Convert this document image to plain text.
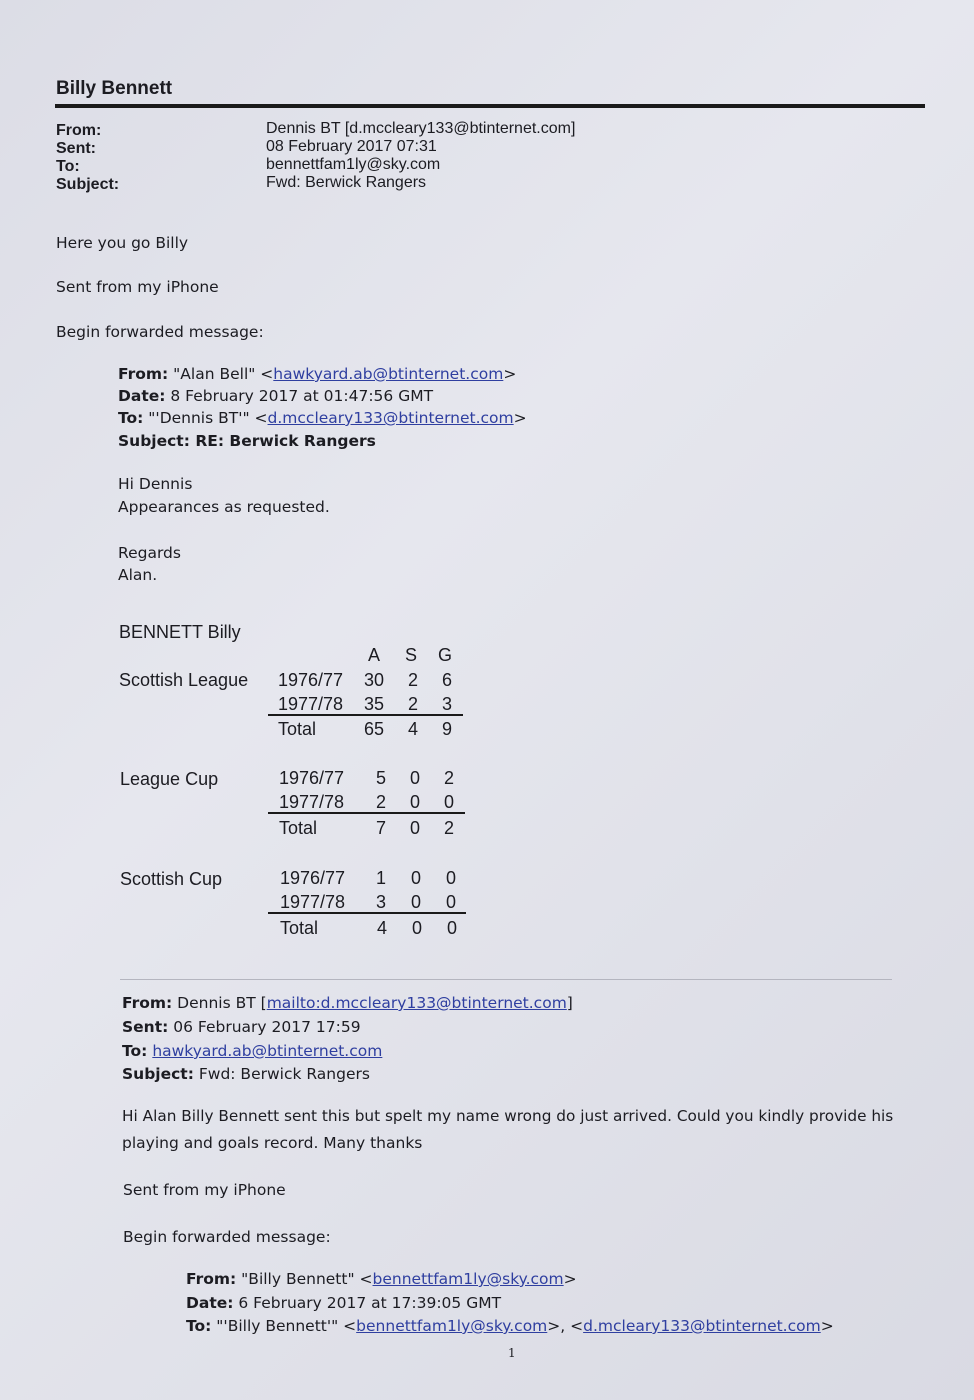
Billy Bennett
From:	Dennis BT [d.mccleary133@btinternet.com]
Sent:	08 February 2017 07:31
To:	bennettfam1ly@sky.com
Subject:	Fwd: Berwick Rangers
Here you go Billy
Sent from my iPhone
Begin forwarded message:
From: "Alan Bell" <hawkyard.ab@btinternet.com>
Date: 8 February 2017 at 01:47:56 GMT
To: "'Dennis BT'" <d.mccleary133@btinternet.com>
Subject: RE: Berwick Rangers
Hi Dennis
Appearances as requested.
Regards
Alan.
BENNETT Billy
A	S	G
Scottish League 1976/77 30	2	6
1977/78 35	2	3
Total	65	4	9
League Cup	1976/77	5	0	2
1977/78	2	0	0
Total	7	0	2
Scottish Cup	1976/77	1	0	0
1977/78	3	0	0
Total	4	0	0
From: Dennis BT [mailto:d.mccleary133@btinternet.com]
Sent: 06 February 2017 17:59
To: hawkyard.ab@btinternet.com
Subject: Fwd: Berwick Rangers
Hi Alan Billy Bennett sent this but spelt my name wrong do just arrived. Could you kindly provide his
playing and goals record. Many thanks
Sent from my iPhone
Begin forwarded message:
From: "Billy Bennett" <bennettfam1ly@sky.com>
Date: 6 February 2017 at 17:39:05 GMT
To: "'Billy Bennett'" <bennettfam1ly@sky.com>, <d.mcleary133@btinternet.com>
1
